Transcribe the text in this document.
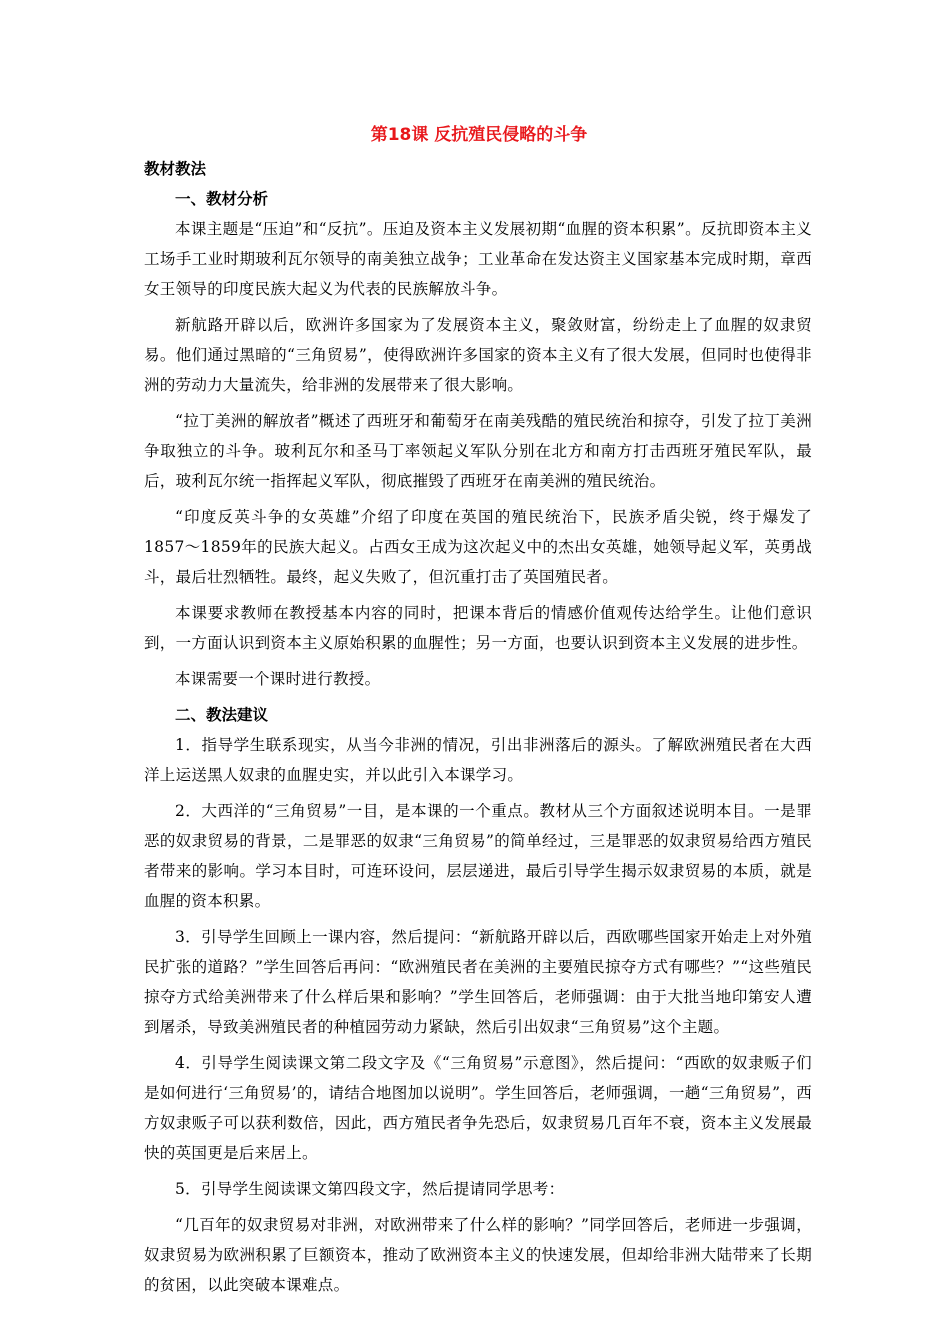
第18课 反抗殖民侵略的斗争
教材教法
一、教材分析

本课主题是“压迫”和“反抗”。压迫及资本主义发展初期“血腥的资本积累”。反抗即资本主义工场手工业时期玻利瓦尔领导的南美独立战争；工业革命在发达资主义国家基本完成时期，章西女王领导的印度民族大起义为代表的民族解放斗争。

新航路开辟以后，欧洲许多国家为了发展资本主义，聚敛财富，纷纷走上了血腥的奴隶贸易。他们通过黑暗的“三角贸易”，使得欧洲许多国家的资本主义有了很大发展，但同时也使得非洲的劳动力大量流失，给非洲的发展带来了很大影响。

“拉丁美洲的解放者”概述了西班牙和葡萄牙在南美残酷的殖民统治和掠夺，引发了拉丁美洲争取独立的斗争。玻利瓦尔和圣马丁率领起义军队分别在北方和南方打击西班牙殖民军队，最后，玻利瓦尔统一指挥起义军队，彻底摧毁了西班牙在南美洲的殖民统治。

“印度反英斗争的女英雄”介绍了印度在英国的殖民统治下，民族矛盾尖锐，终于爆发了1857～1859年的民族大起义。占西女王成为这次起义中的杰出女英雄，她领导起义军，英勇战斗，最后壮烈牺牲。最终，起义失败了，但沉重打击了英国殖民者。

本课要求教师在教授基本内容的同时，把课本背后的情感价值观传达给学生。让他们意识到，一方面认识到资本主义原始积累的血腥性；另一方面，也要认识到资本主义发展的进步性。

本课需要一个课时进行教授。

二、教法建议

1．指导学生联系现实，从当今非洲的情况，引出非洲落后的源头。了解欧洲殖民者在大西洋上运送黑人奴隶的血腥史实，并以此引入本课学习。

2．大西洋的“三角贸易”一目，是本课的一个重点。教材从三个方面叙述说明本目。一是罪恶的奴隶贸易的背景，二是罪恶的奴隶“三角贸易”的简单经过，三是罪恶的奴隶贸易给西方殖民者带来的影响。学习本目时，可连环设问，层层递进，最后引导学生揭示奴隶贸易的本质，就是血腥的资本积累。

3．引导学生回顾上一课内容，然后提问：“新航路开辟以后，西欧哪些国家开始走上对外殖民扩张的道路？”学生回答后再问：“欧洲殖民者在美洲的主要殖民掠夺方式有哪些？”“这些殖民掠夺方式给美洲带来了什么样后果和影响？”学生回答后，老师强调：由于大批当地印第安人遭到屠杀，导致美洲殖民者的种植园劳动力紧缺，然后引出奴隶“三角贸易”这个主题。

4．引导学生阅读课文第二段文字及《“三角贸易”示意图》，然后提问：“西欧的奴隶贩子们是如何进行‘三角贸易’的，请结合地图加以说明”。学生回答后，老师强调，一趟“三角贸易”，西方奴隶贩子可以获利数倍，因此，西方殖民者争先恐后，奴隶贸易几百年不衰，资本主义发展最快的英国更是后来居上。

5．引导学生阅读课文第四段文字，然后提请同学思考：

“几百年的奴隶贸易对非洲，对欧洲带来了什么样的影响？”同学回答后，老师进一步强调，奴隶贸易为欧洲积累了巨额资本，推动了欧洲资本主义的快速发展，但却给非洲大陆带来了长期的贫困，以此突破本课难点。
